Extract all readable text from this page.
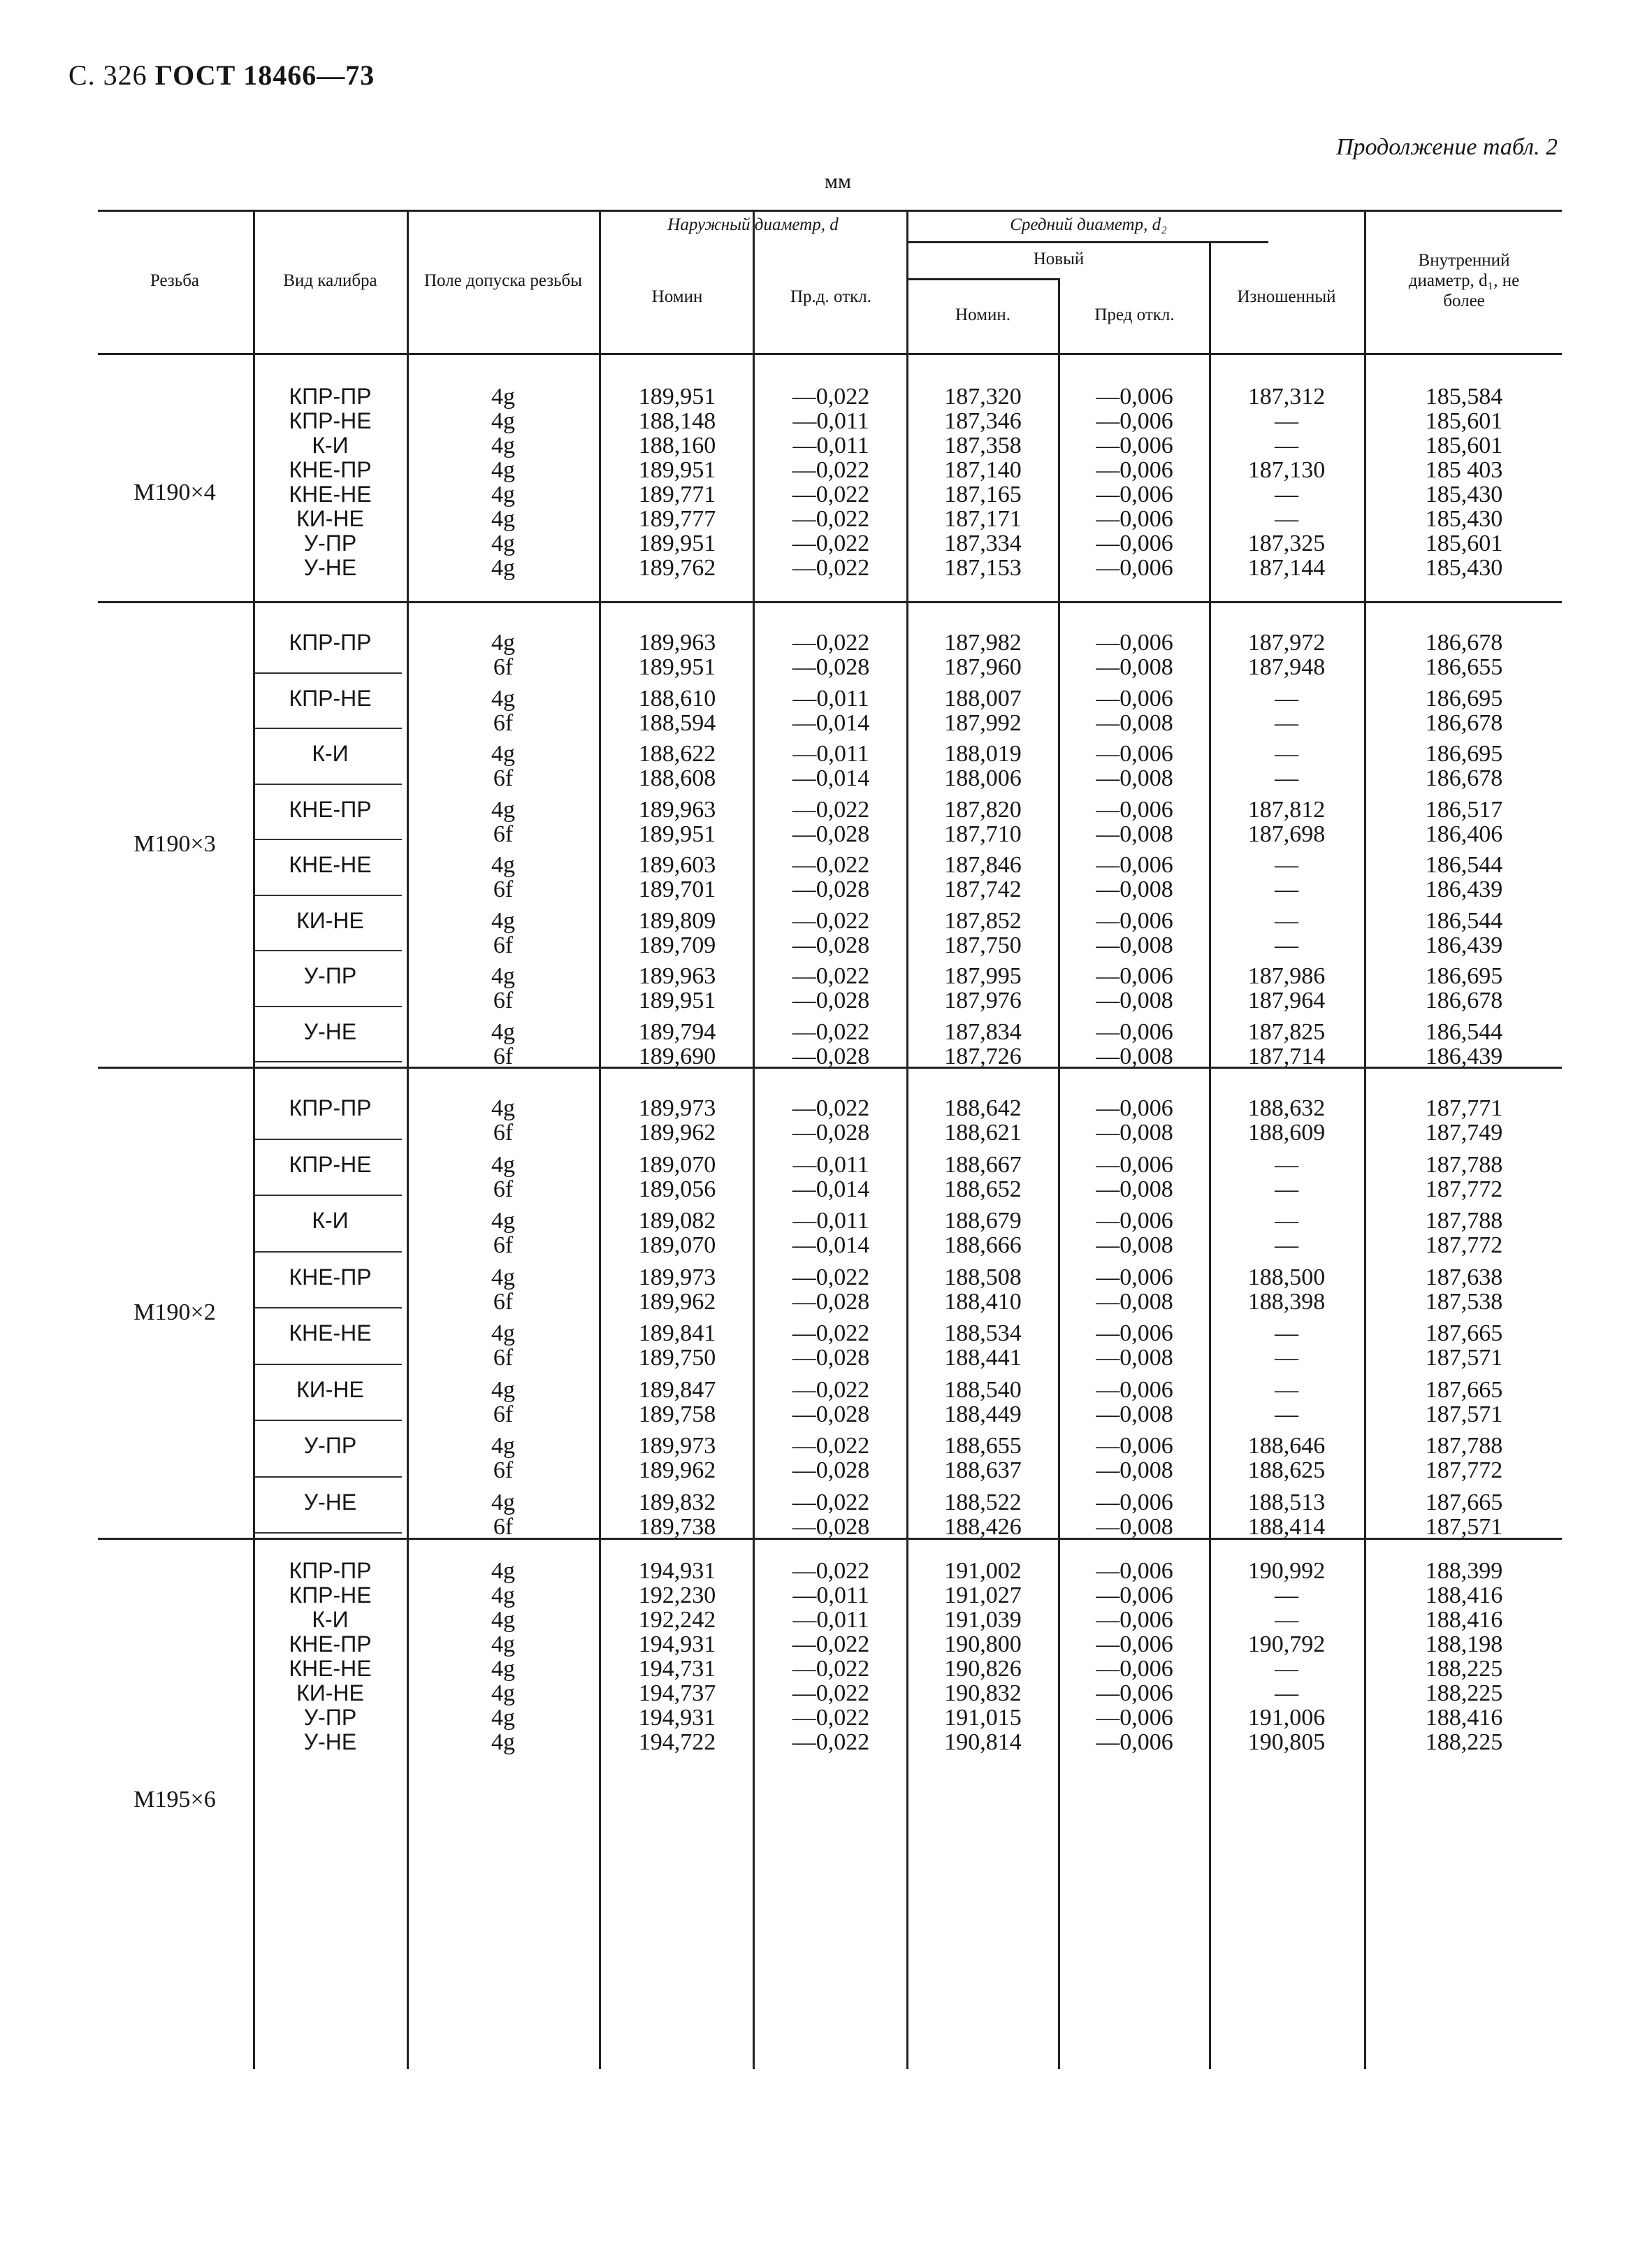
С. 326 ГОСТ 18466—73
Продолжение табл. 2
мм
Резьба	Вид калибра	Поле допуска резьбы
Наружный диаметр, d
Номин	Пр.д. откл.
Средний диаметр, d₂
Новый
Номин.	Пред откл.
Изношенный
Внутренний диаметр, d₁, не более
М190×4
КПР-ПР	4g	189,951	—0,022	187,320	—0,006	187,312	185,584
КПР-НЕ	4g	188,148	—0,011	187,346	—0,006	—	185,601
К-И	4g	188,160	—0,011	187,358	—0,006	—	185,601
КНЕ-ПР	4g	189,951	—0,022	187,140	—0,006	187,130	185 403
КНЕ-НЕ	4g	189,771	—0,022	187,165	—0,006	—	185,430
КИ-НЕ	4g	189,777	—0,022	187,171	—0,006	—	185,430
У-ПР	4g	189,951	—0,022	187,334	—0,006	187,325	185,601
У-НЕ	4g	189,762	—0,022	187,153	—0,006	187,144	185,430
М190×3
КПР-ПР	4g	189,963	—0,022	187,982	—0,006	187,972	186,678
6f	189,951	—0,028	187,960	—0,008	187,948	186,655
КПР-НЕ	4g	188,610	—0,011	188,007	—0,006	—	186,695
6f	188,594	—0,014	187,992	—0,008	—	186,678
К-И	4g	188,622	—0,011	188,019	—0,006	—	186,695
6f	188,608	—0,014	188,006	—0,008	—	186,678
КНЕ-ПР	4g	189,963	—0,022	187,820	—0,006	187,812	186,517
6f	189,951	—0,028	187,710	—0,008	187,698	186,406
КНЕ-НЕ	4g	189,603	—0,022	187,846	—0,006	—	186,544
6f	189,701	—0,028	187,742	—0,008	—	186,439
КИ-НЕ	4g	189,809	—0,022	187,852	—0,006	—	186,544
6f	189,709	—0,028	187,750	—0,008	—	186,439
У-ПР	4g	189,963	—0,022	187,995	—0,006	187,986	186,695
6f	189,951	—0,028	187,976	—0,008	187,964	186,678
У-НЕ	4g	189,794	—0,022	187,834	—0,006	187,825	186,544
6f	189,690	—0,028	187,726	—0,008	187,714	186,439
М190×2
КПР-ПР	4g	189,973	—0,022	188,642	—0,006	188,632	187,771
6f	189,962	—0,028	188,621	—0,008	188,609	187,749
КПР-НЕ	4g	189,070	—0,011	188,667	—0,006	—	187,788
6f	189,056	—0,014	188,652	—0,008	—	187,772
К-И	4g	189,082	—0,011	188,679	—0,006	—	187,788
6f	189,070	—0,014	188,666	—0,008	—	187,772
КНЕ-ПР	4g	189,973	—0,022	188,508	—0,006	188,500	187,638
6f	189,962	—0,028	188,410	—0,008	188,398	187,538
КНЕ-НЕ	4g	189,841	—0,022	188,534	—0,006	—	187,665
6f	189,750	—0,028	188,441	—0,008	—	187,571
КИ-НЕ	4g	189,847	—0,022	188,540	—0,006	—	187,665
6f	189,758	—0,028	188,449	—0,008	—	187,571
У-ПР	4g	189,973	—0,022	188,655	—0,006	188,646	187,788
6f	189,962	—0,028	188,637	—0,008	188,625	187,772
У-НЕ	4g	189,832	—0,022	188,522	—0,006	188,513	187,665
6f	189,738	—0,028	188,426	—0,008	188,414	187,571
М195×6
КПР-ПР	4g	194,931	—0,022	191,002	—0,006	190,992	188,399
КПР-НЕ	4g	192,230	—0,011	191,027	—0,006	—	188,416
К-И	4g	192,242	—0,011	191,039	—0,006	—	188,416
КНЕ-ПР	4g	194,931	—0,022	190,800	—0,006	190,792	188,198
КНЕ-НЕ	4g	194,731	—0,022	190,826	—0,006	—	188,225
КИ-НЕ	4g	194,737	—0,022	190,832	—0,006	—	188,225
У-ПР	4g	194,931	—0,022	191,015	—0,006	191,006	188,416
У-НЕ	4g	194,722	—0,022	190,814	—0,006	190,805	188,225
